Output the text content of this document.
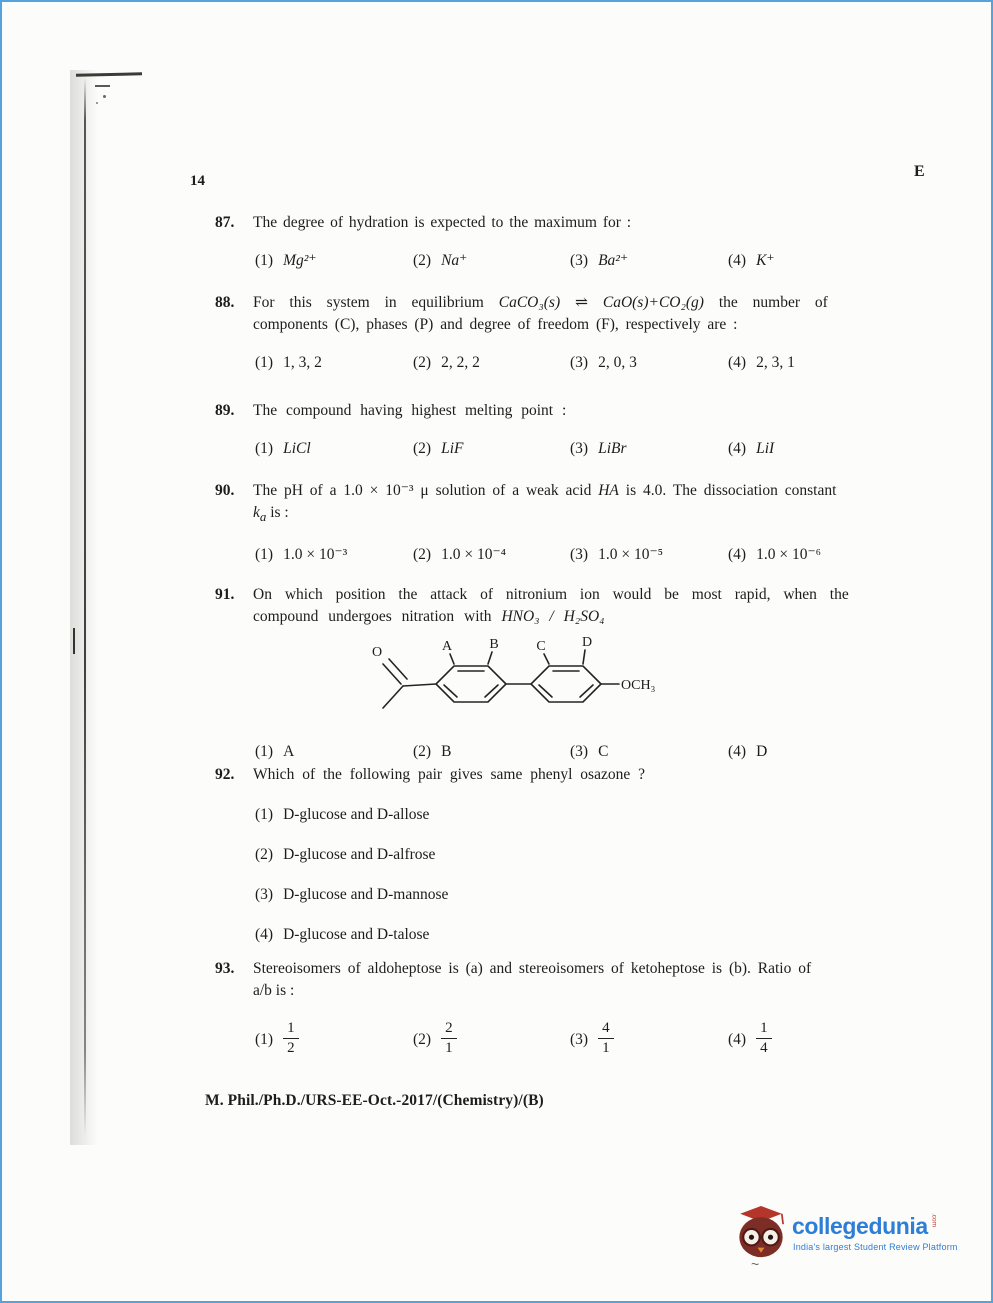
14
E
87.	The degree of hydration is expected to the maximum for :
(1) Mg²⁺	(2) Na⁺	(3) Ba²⁺	(4) K⁺
88.	For this system in equilibrium CaCO₃(s) ⇌ CaO(s)+CO₂(g) the number of
components (C), phases (P) and degree of freedom (F), respectively are :
(1) 1, 3, 2	(2) 2, 2, 2	(3) 2, 0, 3	(4) 2, 3, 1
89.	The compound having highest melting point :
(1) LiCl	(2) LiF	(3) LiBr	(4) LiI
90.	The pH of a 1.0 × 10⁻³ μ solution of a weak acid HA is 4.0. The dissociation constant
$k_a$ is :
(1) 1.0 × 10⁻³	(2) 1.0 × 10⁻⁴	(3) 1.0 × 10⁻⁵	(4) 1.0 × 10⁻⁶
91.	On which position the attack of nitronium ion would be most rapid, when the
compound undergoes nitration with HNO₃ / H₂SO₄
O	A	B	C	D
OCH₃
(1) A	(2) B	(3) C	(4) D
92.	Which of the following pair gives same phenyl osazone ?
(1) D-glucose and D-allose
(2) D-glucose and D-alfrose
(3) D-glucose and D-mannose
(4) D-glucose and D-talose
93.	Stereoisomers of aldoheptose is (a) and stereoisomers of ketoheptose is (b). Ratio of
a/b is :
$(1) \frac{1}{2}$	$(2) \frac{2}{1}$	$(3) \frac{4}{1}$	$(4) \frac{1}{4}$
M. Phil./Ph.D./URS-EE-Oct.-2017/(Chemistry)/(B)
collegedunia .com
India's largest Student Review Platform
~
